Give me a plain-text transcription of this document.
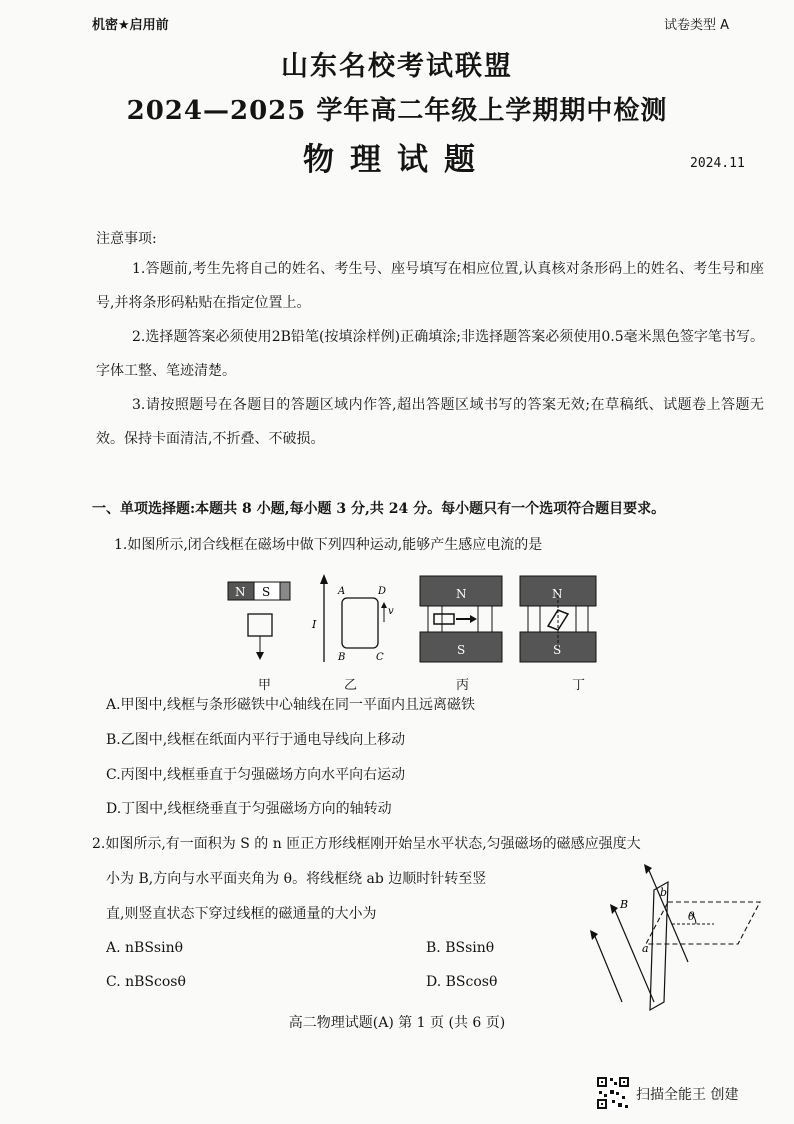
机密★启用前	试卷类型 A
山东名校考试联盟
2024—2025 学年高二年级上学期期中检测
物理试题	2024.11
注意事项:

1.答题前,考生先将自己的姓名、考生号、座号填写在相应位置,认真核对条形码上的姓名、考生号和座号,并将条形码粘贴在指定位置上。

2.选择题答案必须使用2B铅笔(按填涂样例)正确填涂;非选择题答案必须使用0.5毫米黑色签字笔书写。字体工整、笔迹清楚。

3.请按照题号在各题目的答题区域内作答,超出答题区域书写的答案无效;在草稿纸、试题卷上答题无效。保持卡面清洁,不折叠、不破损。

一、单项选择题:本题共 8 小题,每小题 3 分,共 24 分。每小题只有一个选项符合题目要求。
1.如图所示,闭合线框在磁场中做下列四种运动,能够产生感应电流的是
N S
I
A	D
B	C
v
N
S
N
S
甲	乙	丙	丁
A.甲图中,线框与条形磁铁中心轴线在同一平面内且远离磁铁
B.乙图中,线框在纸面内平行于通电导线向上移动
C.丙图中,线框垂直于匀强磁场方向水平向右运动
D.丁图中,线框绕垂直于匀强磁场方向的轴转动
2.如图所示,有一面积为 S 的 n 匝正方形线框刚开始呈水平状态,匀强磁场的磁感应强度大
小为 B,方向与水平面夹角为 θ。将线框绕 ab 边顺时针转至竖
直,则竖直状态下穿过线框的磁通量的大小为
A. nBSsinθ	B. BSsinθ
C. nBScosθ	D. BScosθ
θ
B
b
a
高二物理试题(A) 第 1 页 (共 6 页)
扫描全能王 创建
